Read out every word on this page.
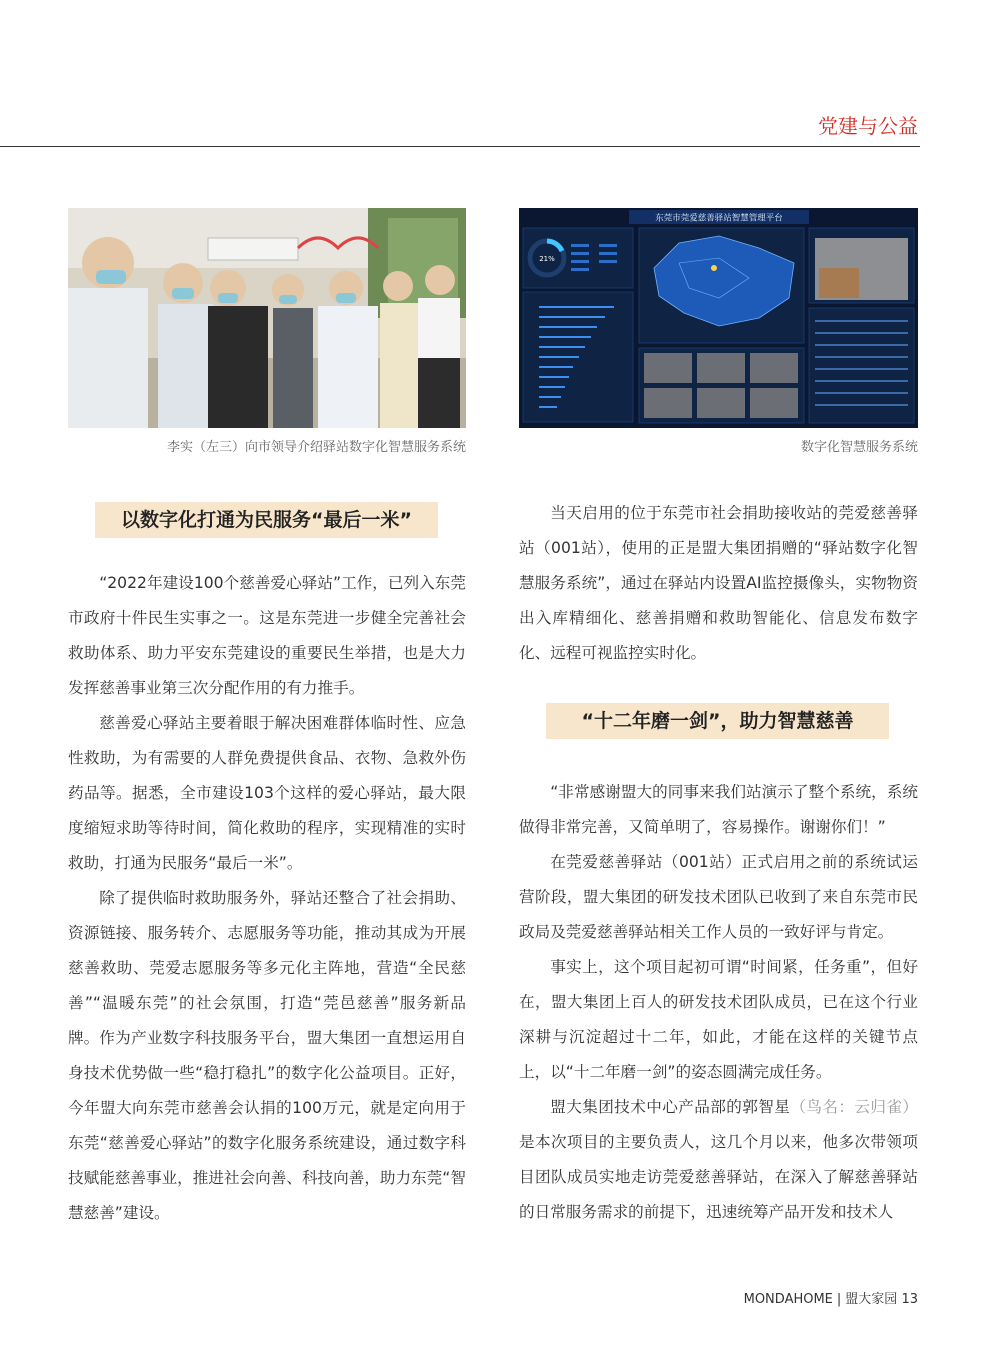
党建与公益
李实（左三）向市领导介绍驿站数字化智慧服务系统
东莞市莞爱慈善驿站智慧管理平台
21%
数字化智慧服务系统
以数字化打通为民服务“最后一米”

“2022年建设100个慈善爱心驿站”工作，已列入东莞市政府十件民生实事之一。这是东莞进一步健全完善社会救助体系、助力平安东莞建设的重要民生举措，也是大力发挥慈善事业第三次分配作用的有力推手。

慈善爱心驿站主要着眼于解决困难群体临时性、应急性救助，为有需要的人群免费提供食品、衣物、急救外伤药品等。据悉，全市建设103个这样的爱心驿站，最大限度缩短求助等待时间，简化救助的程序，实现精准的实时救助，打通为民服务“最后一米”。

除了提供临时救助服务外，驿站还整合了社会捐助、资源链接、服务转介、志愿服务等功能，推动其成为开展慈善救助、莞爱志愿服务等多元化主阵地，营造“全民慈善”“温暖东莞”的社会氛围，打造“莞邑慈善”服务新品牌。 作为产业数字科技服务平台，盟大集团一直想运用自身技术优势做一些“稳打稳扎”的数字化公益项目。正好，今年盟大向东莞市慈善会认捐的100万元，就是定向用于东莞“慈善爱心驿站”的数字化服务系统建设，通过数字科技赋能慈善事业，推进社会向善、科技向善，助力东莞“智慧慈善”建设。

当天启用的位于东莞市社会捐助接收站的莞爱慈善驿站（001站），使用的正是盟大集团捐赠的“驿站数字化智慧服务系统”，通过在驿站内设置AI监控摄像头，实物物资出入库精细化、慈善捐赠和救助智能化、信息发布数字化、远程可视监控实时化。

“十二年磨一剑”，助力智慧慈善

“非常感谢盟大的同事来我们站演示了整个系统，系统做得非常完善，又简单明了，容易操作。谢谢你们！”

在莞爱慈善驿站（001站）正式启用之前的系统试运营阶段，盟大集团的研发技术团队已收到了来自东莞市民政局及莞爱慈善驿站相关工作人员的一致好评与肯定。

事实上，这个项目起初可谓“时间紧，任务重”，但好在，盟大集团上百人的研发技术团队成员，已在这个行业深耕与沉淀超过十二年，如此，才能在这样的关键节点上，以“十二年磨一剑”的姿态圆满完成任务。

盟大集团技术中心产品部的郭智星（鸟名：云归雀）是本次项目的主要负责人，这几个月以来，他多次带领项目团队成员实地走访莞爱慈善驿站，在深入了解慈善驿站的日常服务需求的前提下，迅速统筹产品开发和技术人

MONDAHOME | 盟大家园 13
